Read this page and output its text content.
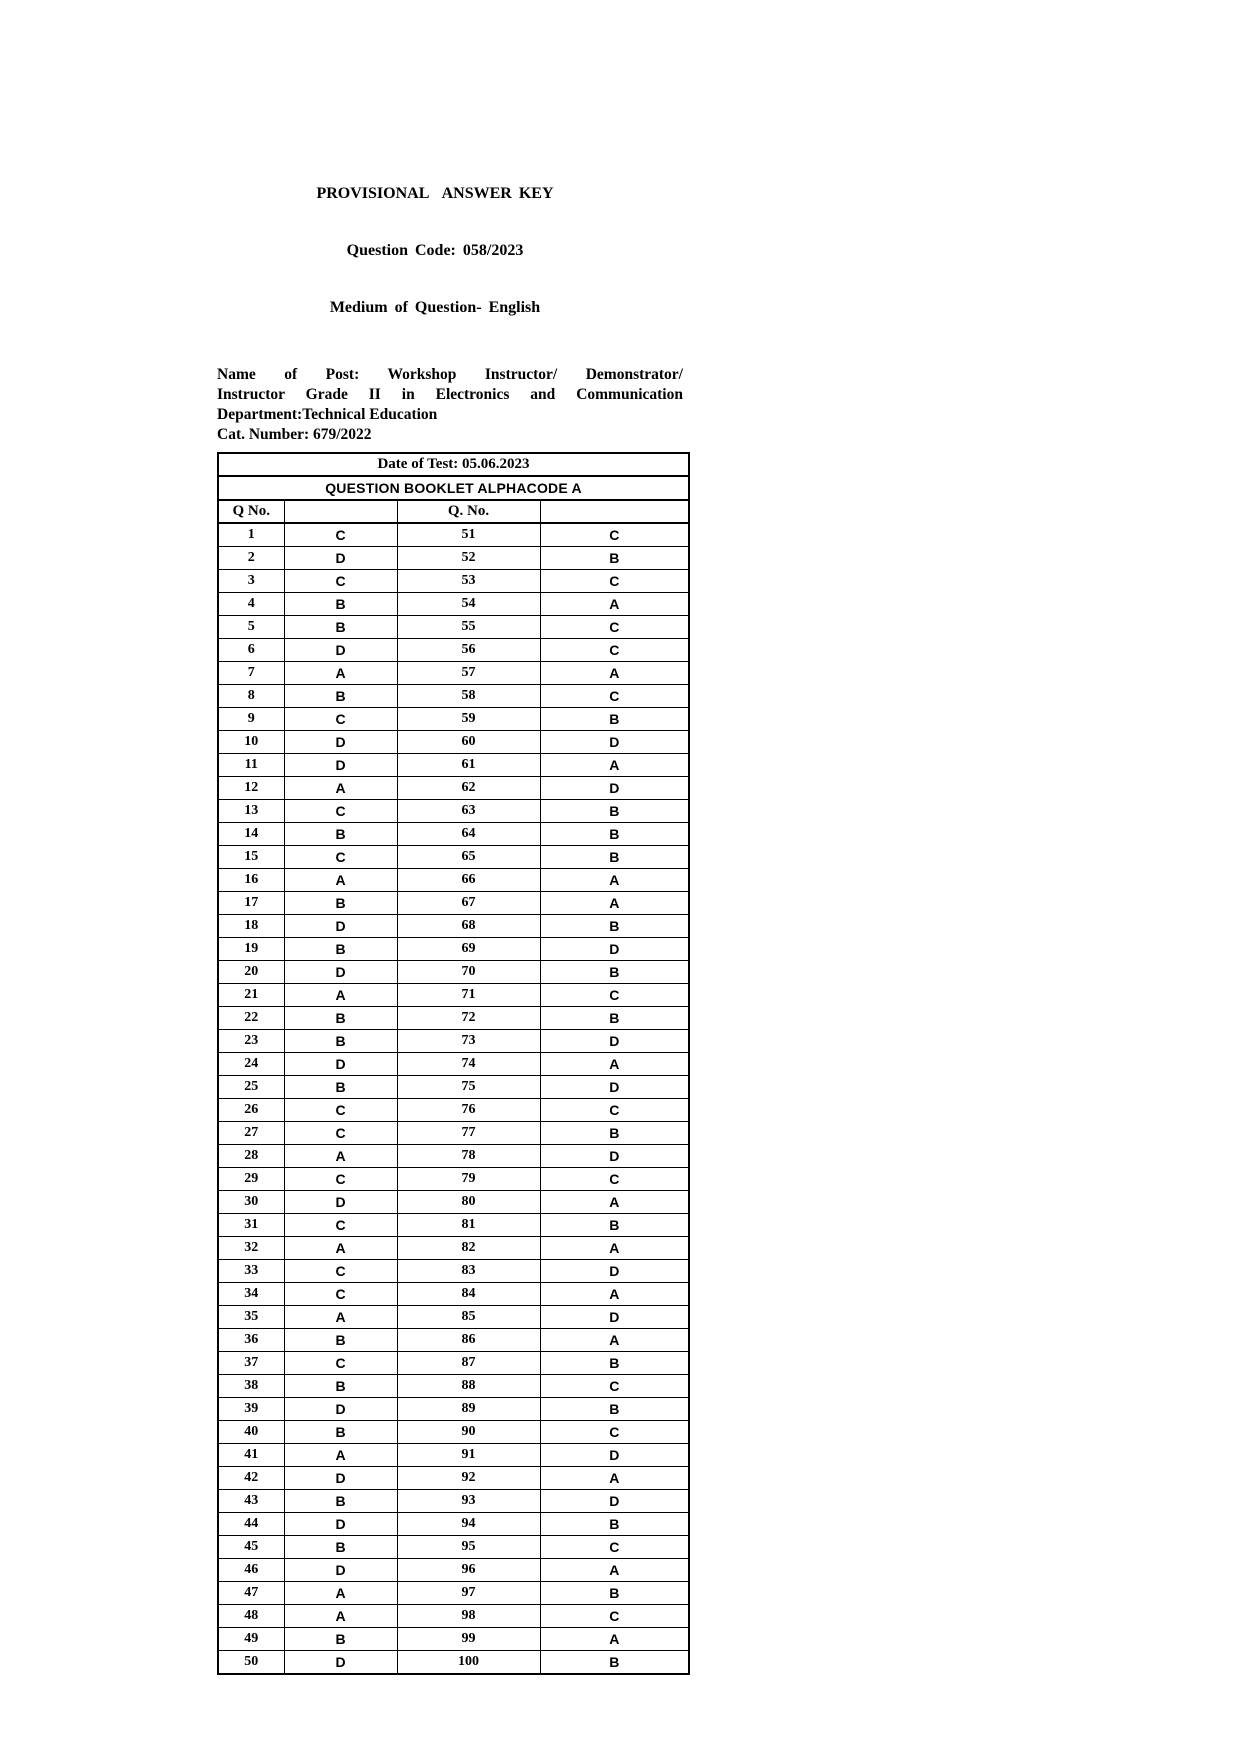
PROVISIONAL  ANSWER KEY

Question Code: 058/2023

Medium of Question- English

Name of Post: Workshop Instructor/ Demonstrator/
Instructor Grade II in Electronics and Communication
Department:Technical Education
Cat. Number: 679/2022
Date of Test: 05.06.2023			
QUESTION BOOKLET ALPHACODE A			
Q No.		Q. No.	
1	C	51	C
2	D	52	B
3	C	53	C
4	B	54	A
5	B	55	C
6	D	56	C
7	A	57	A
8	B	58	C
9	C	59	B
10	D	60	D
11	D	61	A
12	A	62	D
13	C	63	B
14	B	64	B
15	C	65	B
16	A	66	A
17	B	67	A
18	D	68	B
19	B	69	D
20	D	70	B
21	A	71	C
22	B	72	B
23	B	73	D
24	D	74	A
25	B	75	D
26	C	76	C
27	C	77	B
28	A	78	D
29	C	79	C
30	D	80	A
31	C	81	B
32	A	82	A
33	C	83	D
34	C	84	A
35	A	85	D
36	B	86	A
37	C	87	B
38	B	88	C
39	D	89	B
40	B	90	C
41	A	91	D
42	D	92	A
43	B	93	D
44	D	94	B
45	B	95	C
46	D	96	A
47	A	97	B
48	A	98	C
49	B	99	A
50	D	100	B
